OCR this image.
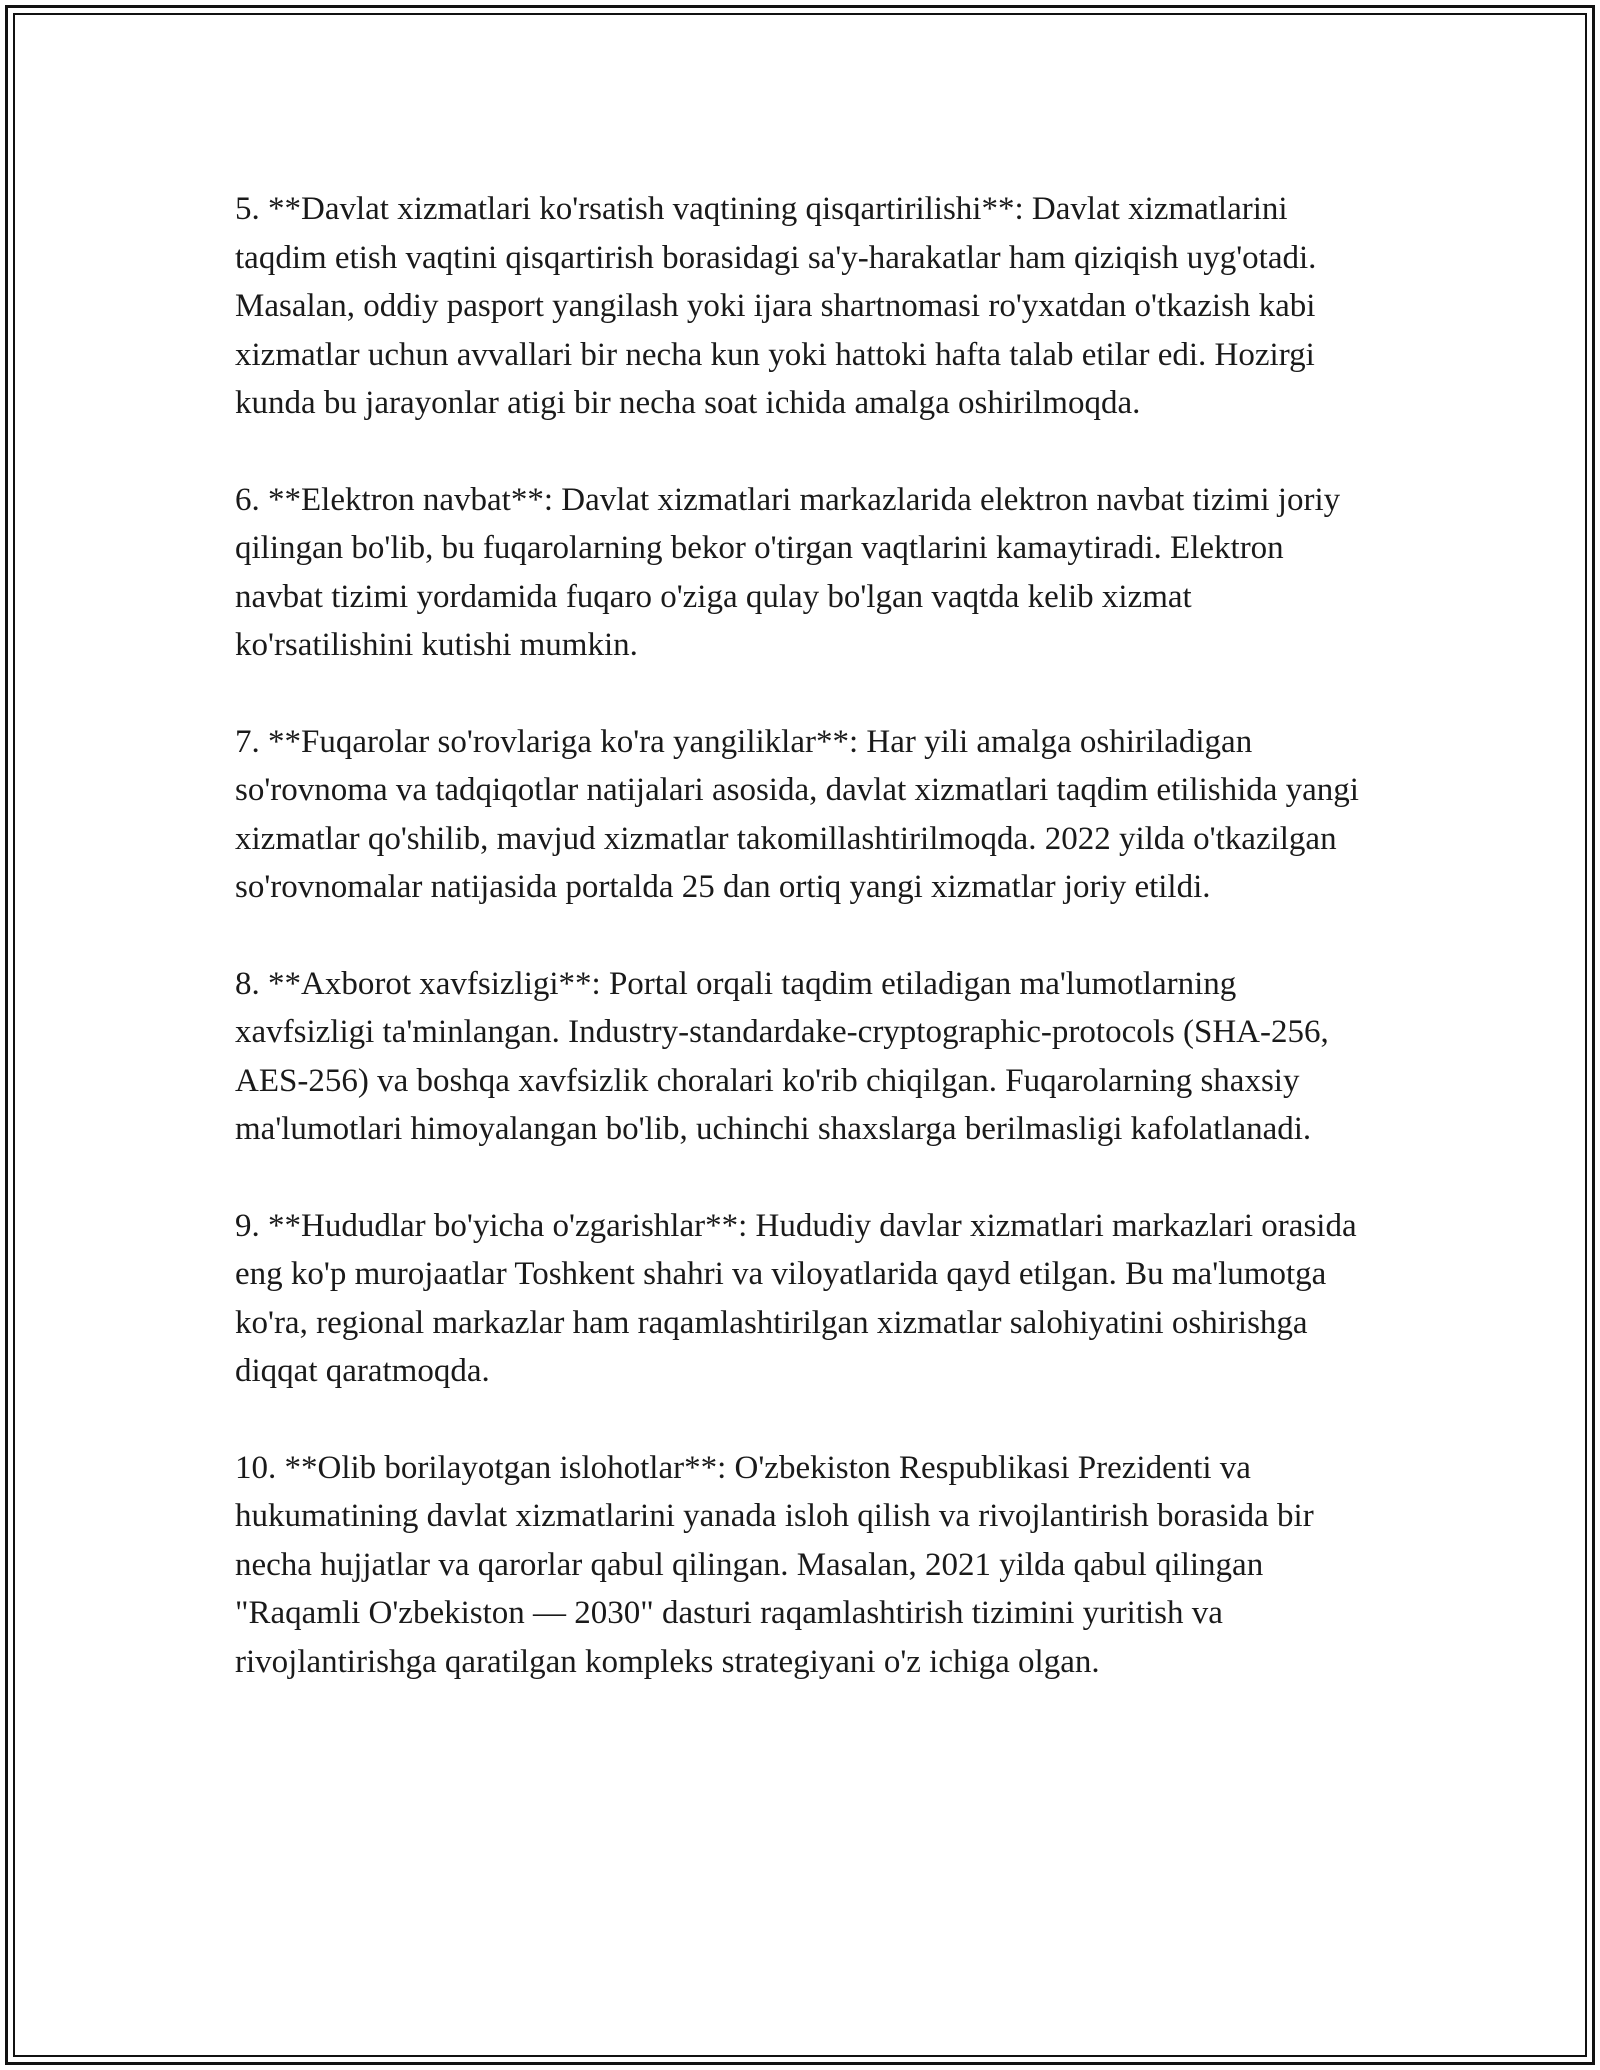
5. **Davlat xizmatlari ko'rsatish vaqtining qisqartirilishi**: Davlat xizmatlarini taqdim etish vaqtini qisqartirish borasidagi sa'y-harakatlar ham qiziqish uyg'otadi. Masalan, oddiy pasport yangilash yoki ijara shartnomasi ro'yxatdan o'tkazish kabi xizmatlar uchun avvallari bir necha kun yoki hattoki hafta talab etilar edi. Hozirgi kunda bu jarayonlar atigi bir necha soat ichida amalga oshirilmoqda.

6. **Elektron navbat**: Davlat xizmatlari markazlarida elektron navbat tizimi joriy qilingan bo'lib, bu fuqarolarning bekor o'tirgan vaqtlarini kamaytiradi. Elektron navbat tizimi yordamida fuqaro o'ziga qulay bo'lgan vaqtda kelib xizmat ko'rsatilishini kutishi mumkin.

7. **Fuqarolar so'rovlariga ko'ra yangiliklar**: Har yili amalga oshiriladigan so'rovnoma va tadqiqotlar natijalari asosida, davlat xizmatlari taqdim etilishida yangi xizmatlar qo'shilib, mavjud xizmatlar takomillashtirilmoqda. 2022 yilda o'tkazilgan so'rovnomalar natijasida portalda 25 dan ortiq yangi xizmatlar joriy etildi.

8. **Axborot xavfsizligi**: Portal orqali taqdim etiladigan ma'lumotlarning xavfsizligi ta'minlangan. Industry-standardake-cryptographic-protocols (SHA-256, AES-256) va boshqa xavfsizlik choralari ko'rib chiqilgan. Fuqarolarning shaxsiy ma'lumotlari himoyalangan bo'lib, uchinchi shaxslarga berilmasligi kafolatlanadi.

9. **Hududlar bo'yicha o'zgarishlar**: Hududiy davlar xizmatlari markazlari orasida eng ko'p murojaatlar Toshkent shahri va viloyatlarida qayd etilgan. Bu ma'lumotga ko'ra, regional markazlar ham raqamlashtirilgan xizmatlar salohiyatini oshirishga diqqat qaratmoqda.

10. **Olib borilayotgan islohotlar**: O'zbekiston Respublikasi Prezidenti va hukumatining davlat xizmatlarini yanada isloh qilish va rivojlantirish borasida bir necha hujjatlar va qarorlar qabul qilingan. Masalan, 2021 yilda qabul qilingan "Raqamli O'zbekiston — 2030" dasturi raqamlashtirish tizimini yuritish va rivojlantirishga qaratilgan kompleks strategiyani o'z ichiga olgan.
